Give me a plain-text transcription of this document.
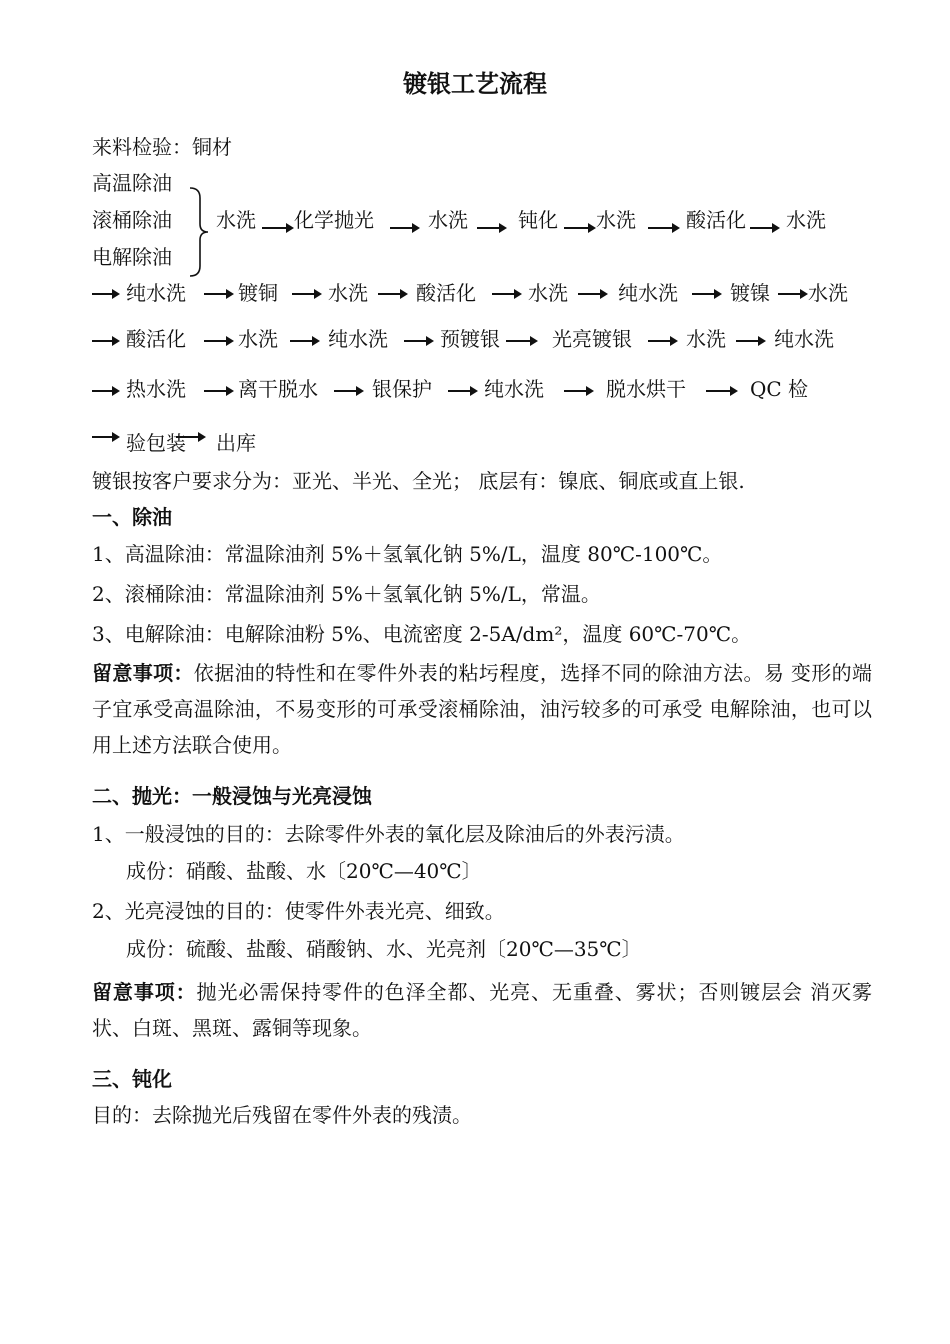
镀银工艺流程
来料检验：铜材
高温除油
滚桶除油
电解除油
水洗 化学抛光	水洗	钝化 水洗	酸活化 水洗
纯水洗	镀铜	水洗 酸活化	水洗	纯水洗	镀镍 水洗
酸活化	水洗	纯水洗	预镀银	光亮镀银	水洗 纯水洗
热水洗	离干脱水	银保护	纯水洗	脱水烘干	QC 检
验包装 出库
镀银按客户要求分为：亚光、半光、全光； 底层有：镍底、铜底或直上银.
一、除油
1、高温除油：常温除油剂 5%＋氢氧化钠 5%/L，温度 80℃-100℃。
2、滚桶除油：常温除油剂 5%＋氢氧化钠 5%/L，常温。
3、电解除油：电解除油粉 5%、电流密度 2-5A/dm²，温度 60℃-70℃。
留意事项：依据油的特性和在零件外表的粘圬程度，选择不同的除油方法。易 变形的端子宜承受高温除油，不易变形的可承受滚桶除油，油污较多的可承受 电解除油，也可以用上述方法联合使用。
二、抛光：一般浸蚀与光亮浸蚀
1、一般浸蚀的目的：去除零件外表的氧化层及除油后的外表污渍。
成份：硝酸、盐酸、水〔20℃—40℃〕
2、光亮浸蚀的目的：使零件外表光亮、细致。
成份：硫酸、盐酸、硝酸钠、水、光亮剂〔20℃—35℃〕
留意事项：抛光必需保持零件的色泽全都、光亮、无重叠、雾状；否则镀层会 消灭雾状、白斑、黑斑、露铜等现象。
三、钝化
目的：去除抛光后残留在零件外表的残渍。
